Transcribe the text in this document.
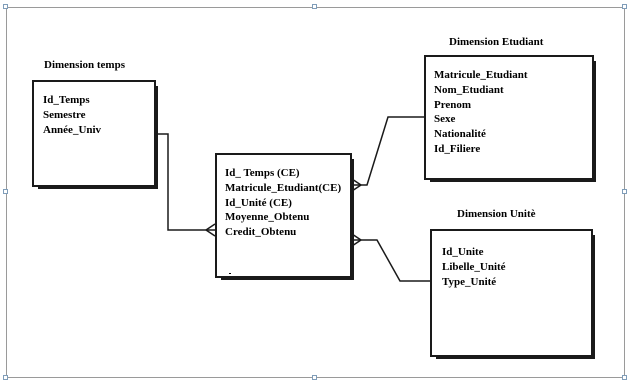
Dimension temps
Id_Temps
Semestre
Année_Univ
Id_ Temps (CE)
Matricule_Etudiant(CE)
Id_Unité (CE)
Moyenne_Obtenu
Credit_Obtenu
Dimension Etudiant
Matricule_Etudiant
Nom_Etudiant
Prenom
Sexe
Nationalité
Id_Filiere
Dimension Unitè
Id_Unite
Libelle_Unité
Type_Unité
